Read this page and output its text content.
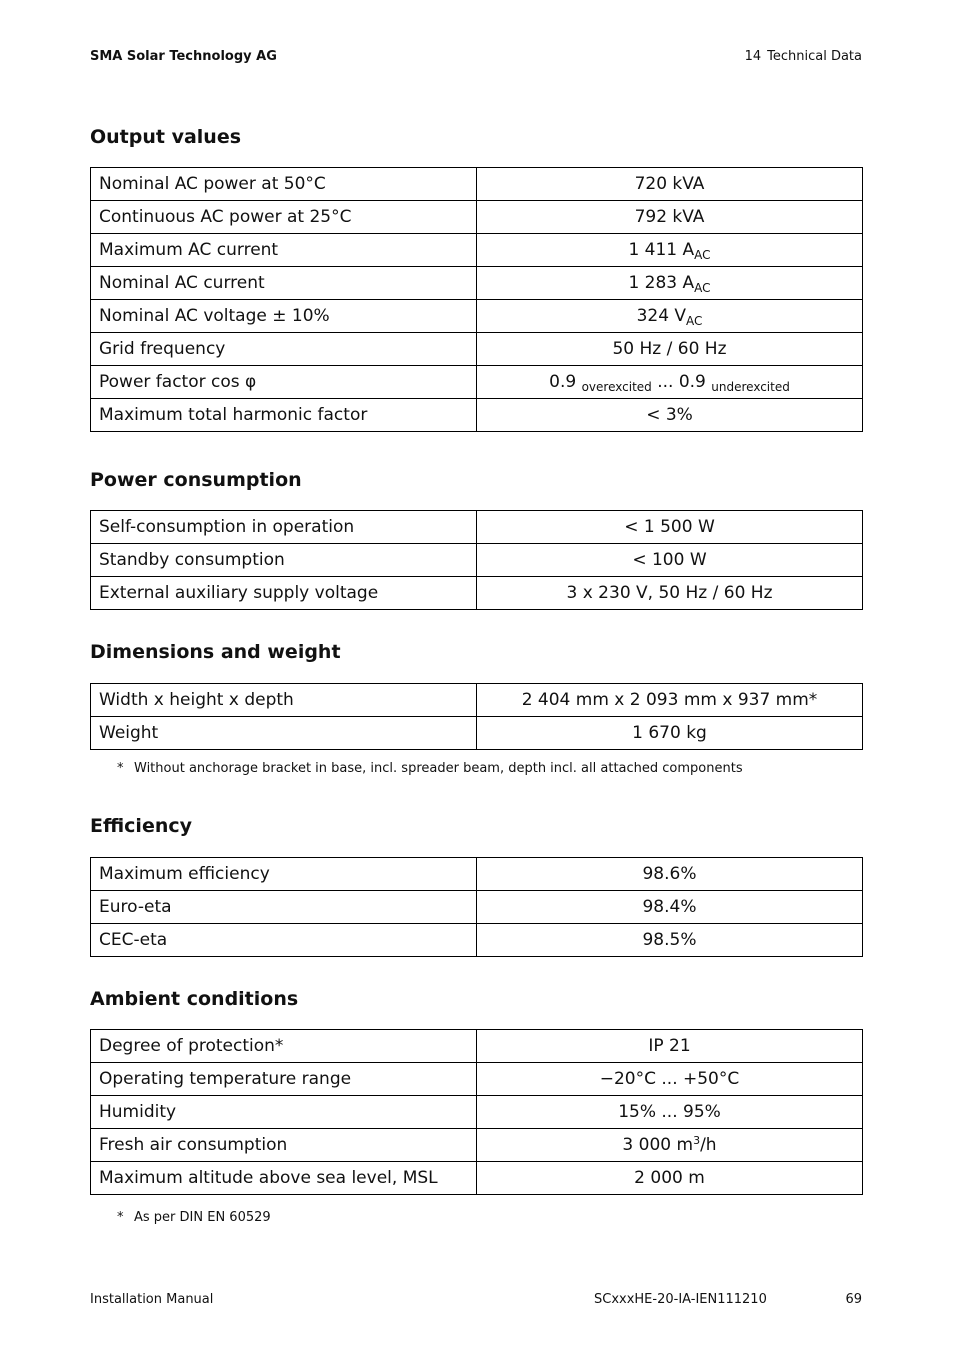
SMA Solar Technology AG	14 Technical Data
Output values
Nominal AC power at 50°C	720 kVA
Continuous AC power at 25°C	792 kVA
Maximum AC current	1 411 $A_{AC}$
Nominal AC current	1 283 $A_{AC}$
Nominal AC voltage ± 10%	324 $V_{AC}$
Grid frequency	50 Hz / 60 Hz
Power factor cos φ	0.9 $_{overexcited}$ ... 0.9 $_{underexcited}$
Maximum total harmonic factor	< 3%
Power consumption
Self-consumption in operation	< 1 500 W
Standby consumption	< 100 W
External auxiliary supply voltage	3 x 230 V, 50 Hz / 60 Hz
Dimensions and weight
Width x height x depth	2 404 mm x 2 093 mm x 937 mm*
Weight	1 670 kg
* Without anchorage bracket in base, incl. spreader beam, depth incl. all attached components
Efficiency
Maximum efficiency	98.6%
Euro-eta	98.4%
CEC-eta	98.5%
Ambient conditions
Degree of protection*	IP 21
Operating temperature range	−20°C ... +50°C
Humidity	15% ... 95%
Fresh air consumption	3 000 $m^3/h$
Maximum altitude above sea level, MSL	2 000 m
* As per DIN EN 60529
Installation Manual	SCxxxHE-20-IA-IEN111210	69
